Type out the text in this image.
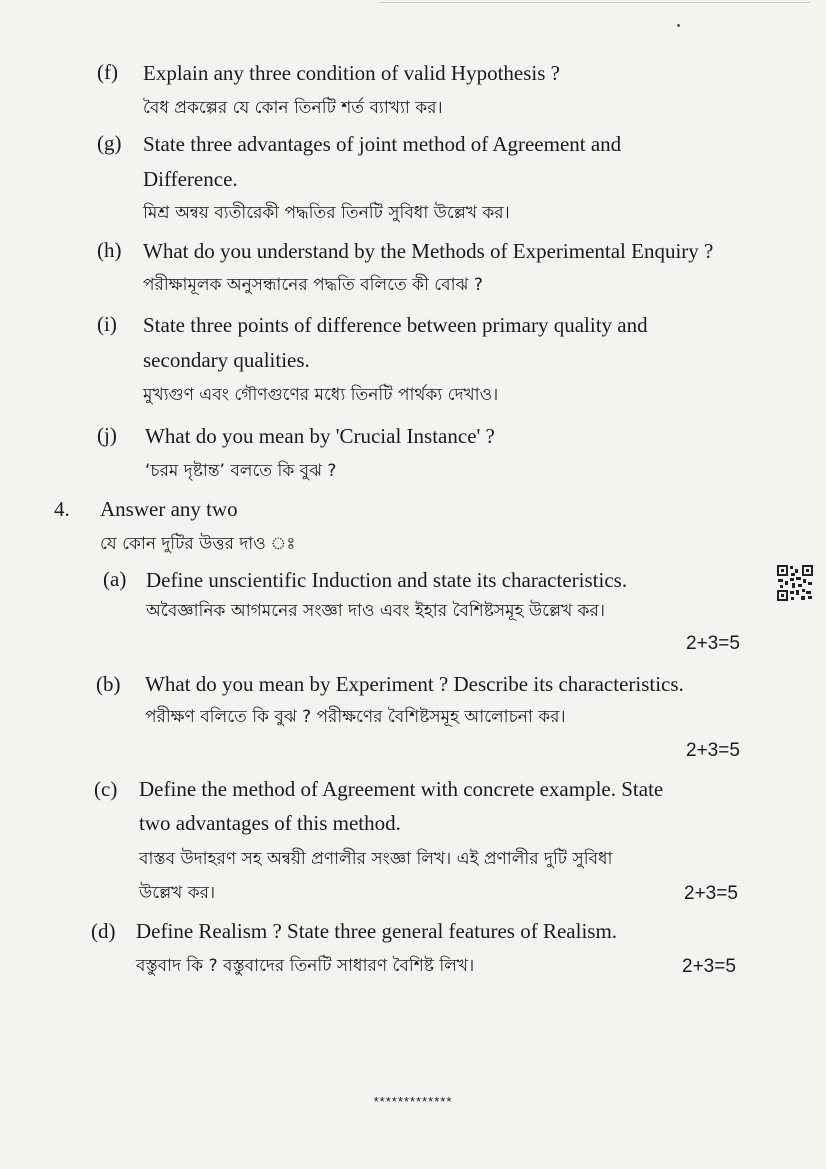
(f) Explain any three condition of valid Hypothesis ?
বৈধ প্রকল্পের যে কোন তিনটি শর্ত ব্যাখ্যা কর।
(g) State three advantages of joint method of Agreement and
Difference.
মিশ্র অন্বয় ব্যতীরেকী পদ্ধতির তিনটি সুবিধা উল্লেখ কর।
(h) What do you understand by the Methods of Experimental Enquiry ?
পরীক্ষামূলক অনুসন্ধানের পদ্ধতি বলিতে কী বোঝ ?
(i) State three points of difference between primary quality and
secondary qualities.
মুখ্যগুণ এবং গৌণগুণের মধ্যে তিনটি পার্থক্য দেখাও।
(j) What do you mean by 'Crucial Instance' ?
‘চরম দৃষ্টান্ত’ বলতে কি বুঝ ?
4. Answer any two
যে কোন দুটির উত্তর দাও ঃ
(a) Define unscientific Induction and state its characteristics.
অবৈজ্ঞানিক আগমনের সংজ্ঞা দাও এবং ইহার বৈশিষ্টসমূহ উল্লেখ কর।
2+3=5
(b) What do you mean by Experiment ? Describe its characteristics.
পরীক্ষণ বলিতে কি বুঝ ? পরীক্ষণের বৈশিষ্টসমূহ আলোচনা কর।
2+3=5
(c) Define the method of Agreement with concrete example. State
two advantages of this method.
বাস্তব উদাহরণ সহ অন্বয়ী প্রণালীর সংজ্ঞা লিখ। এই প্রণালীর দুটি সুবিধা
উল্লেখ কর।	2+3=5
(d) Define Realism ? State three general features of Realism.
বস্তুবাদ কি ? বস্তুবাদের তিনটি সাধারণ বৈশিষ্ট লিখ।	2+3=5
*************
